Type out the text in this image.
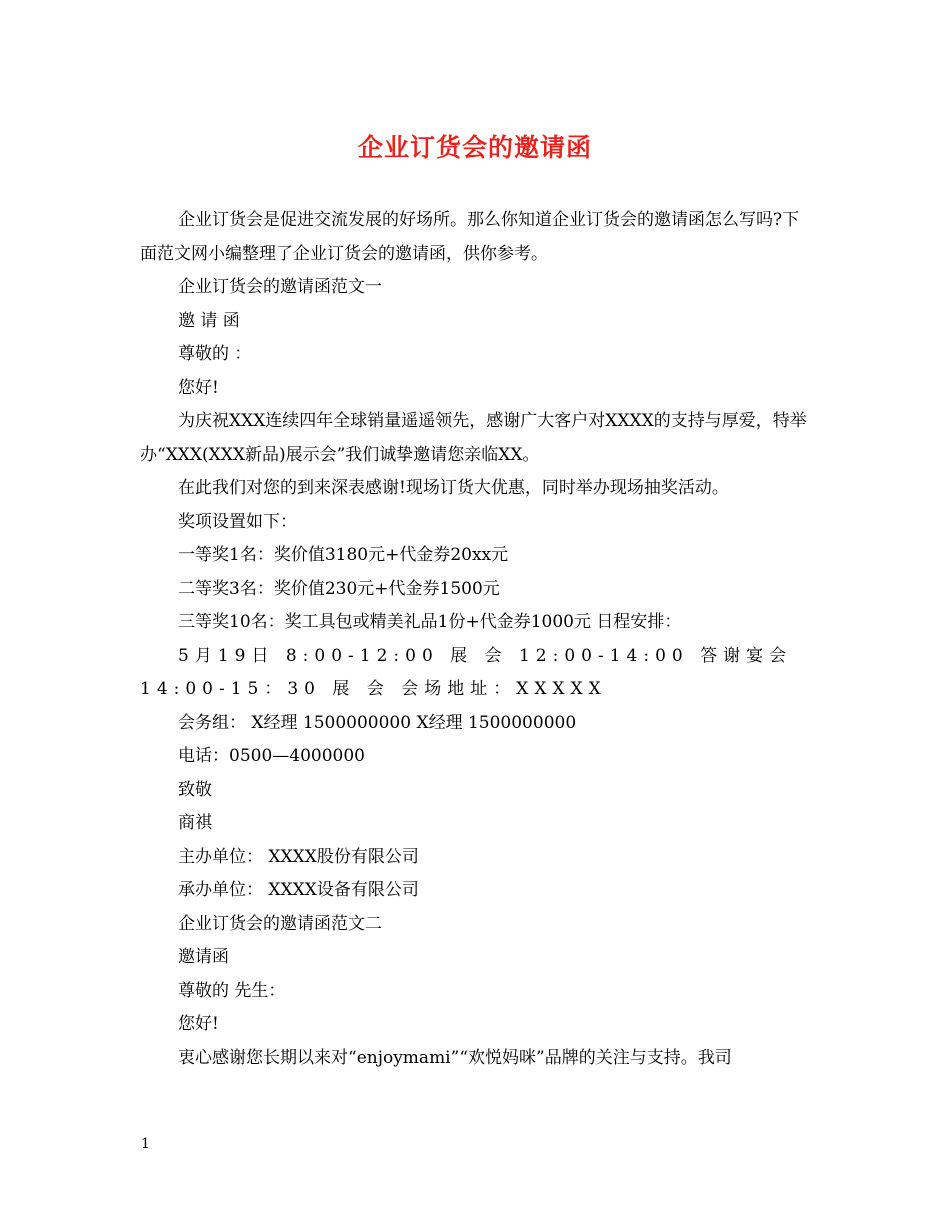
企业订货会的邀请函

企业订货会是促进交流发展的好场所。那么你知道企业订货会的邀请函怎么写吗?下面范文网小编整理了企业订货会的邀请函，供你参考。

企业订货会的邀请函范文一

邀 请 函

尊敬的 ：

您好!

为庆祝XXX连续四年全球销量遥遥领先，感谢广大客户对XXXX的支持与厚爱，特举办“XXX(XXX新品)展示会”我们诚挚邀请您亲临XX。

在此我们对您的到来深表感谢!现场订货大优惠，同时举办现场抽奖活动。

奖项设置如下：

一等奖1名：奖价值3180元+代金券20xx元

二等奖3名：奖价值230元+代金券1500元

三等奖10名：奖工具包或精美礼品1份+代金券1000元 日程安排：

5月19日 8:00-12:00 展 会 12:00-14:00 答谢宴会 14:00-15：30 展 会 会场地址：XXXXX

会务组： X经理 1500000000 X经理 1500000000

电话：0500—4000000

致敬

商祺

主办单位： XXXX股份有限公司

承办单位： XXXX设备有限公司

企业订货会的邀请函范文二

邀请函

尊敬的 先生：

您好!

衷心感谢您长期以来对“enjoymami”“欢悦妈咪”品牌的关注与支持。我司

1
